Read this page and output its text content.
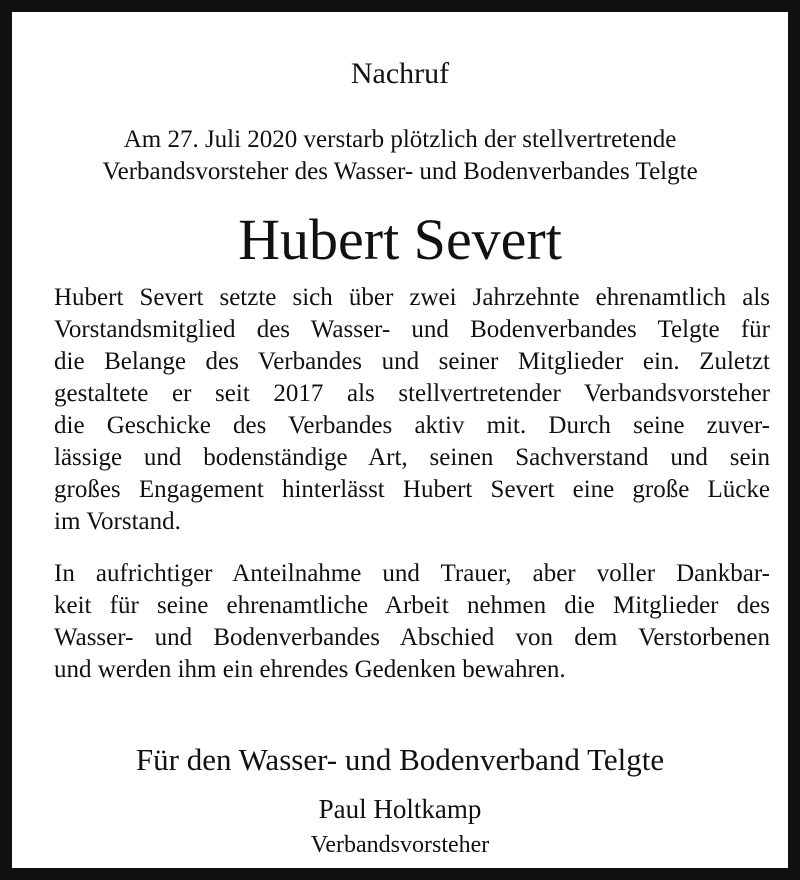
Nachruf
Am 27. Juli 2020 verstarb plötzlich der stellvertretende
Verbandsvorsteher des Wasser- und Bodenverbandes Telgte
Hubert Severt
Hubert Severt setzte sich über zwei Jahrzehnte ehrenamtlich als
Vorstandsmitglied des Wasser- und Bodenverbandes Telgte für
die Belange des Verbandes und seiner Mitglieder ein. Zuletzt
gestaltete er seit 2017 als stellvertretender Verbandsvorsteher
die Geschicke des Verbandes aktiv mit. Durch seine zuver-
lässige und bodenständige Art, seinen Sachverstand und sein
großes Engagement hinterlässt Hubert Severt eine große Lücke
im Vorstand.
In aufrichtiger Anteilnahme und Trauer, aber voller Dankbar-
keit für seine ehrenamtliche Arbeit nehmen die Mitglieder des
Wasser- und Bodenverbandes Abschied von dem Verstorbenen
und werden ihm ein ehrendes Gedenken bewahren.
Für den Wasser- und Bodenverband Telgte
Paul Holtkamp
Verbandsvorsteher
